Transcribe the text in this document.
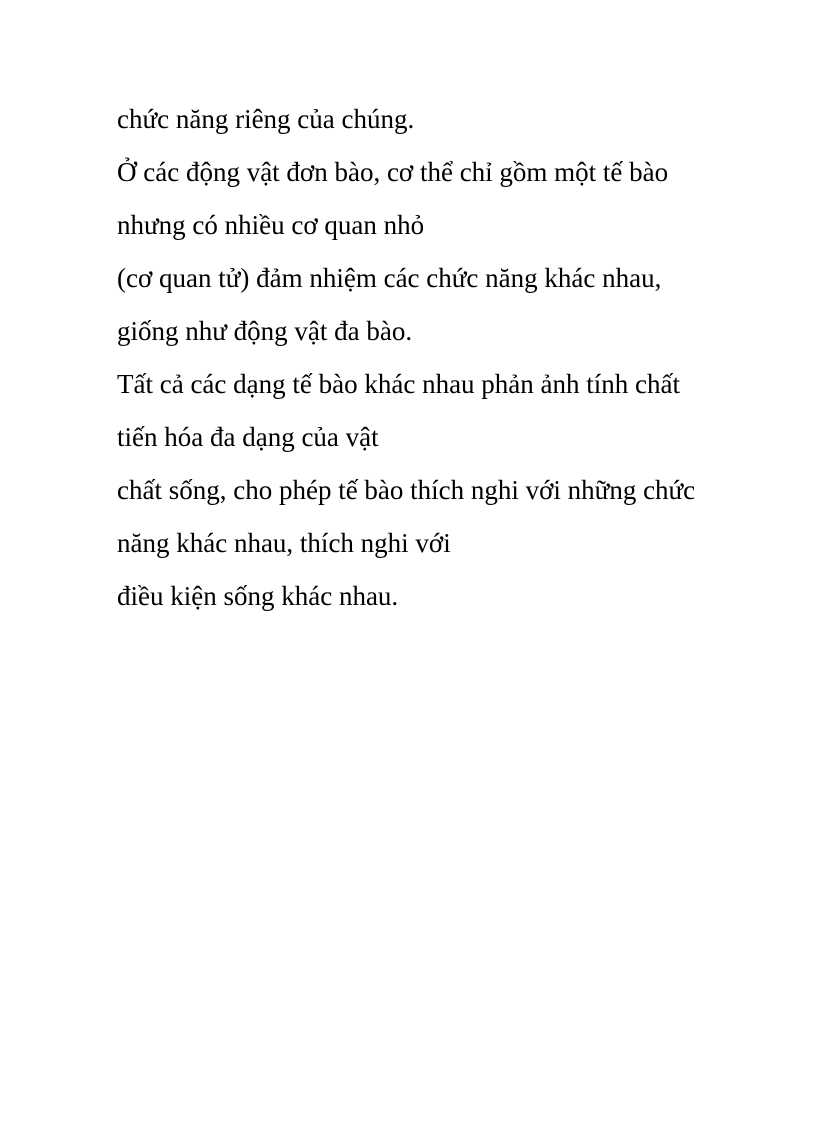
chức năng riêng của chúng.

Ở các động vật đơn bào, cơ thể chỉ gồm một tế bào
nhưng có nhiều cơ quan nhỏ

(cơ quan tử) đảm nhiệm các chức năng khác nhau,
giống như động vật đa bào.

Tất cả các dạng tế bào khác nhau phản ảnh tính chất
tiến hóa đa dạng của vật

chất sống, cho phép tế bào thích nghi với những chức
năng khác nhau, thích nghi với

điều kiện sống khác nhau.
